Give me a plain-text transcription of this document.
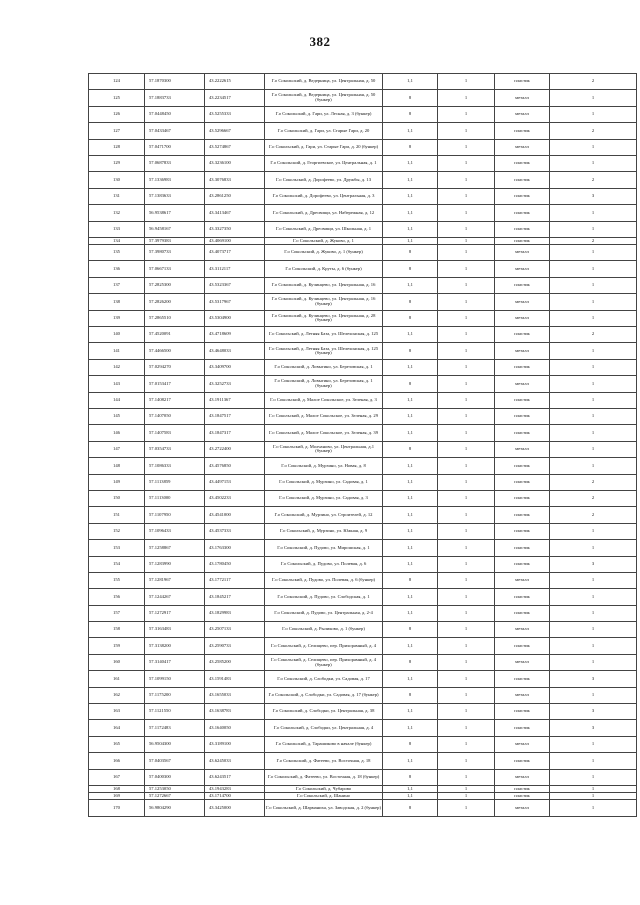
382
124	57.1870300	43.2222615	Г.о Сокольский, д. Ведерница, ул. Центральная, д. 50	1,1	1	пластик	2
125	57.1883733	43.2234517	Г.о Сокольский, д. Ведерница, ул. Центральная, д. 50 (бункер)	8	1	металл	1
126	57.0448450	43.5255333	Г.о Сокольский, д. Гари, ул. Лесная, д. 3 (бункер)	8	1	металл	1
127	57.0433467	43.5296667	Г.о Сокольский, д. Гари, ул. Старые Гари, д. 20	1,1	1	пластик	2
128	57.0471700	43.5274867	Г.о Сокольский, д. Гари, ул. Старые Гари, д. 20 (бункер)	8	1	металл	1
129	57.0687833	43.3236100	Г.о Сокольский, д. Георгиевское, ул. Центральная, д. 1	1,1	1	пластик	1
130	57.1336983	43.3076833	Г.о Сокольский, д. Дорофеево, ул. Дружбы, д. 13	1,1	1	пластик	2
131	57.1383633	43.2861250	Г.о Сокольский, д. Дорофеево, ул. Центральная, д. 3	1,1	1	пластик	3
132	56.9538617	43.3413467	Г.о Сокольский, д. Дресвищи, ул. Набережная, д. 12	1,1	1	пластик	1
133	56.9458167	43.3327350	Г.о Сокольский, д. Дресвищи, ул. Школьная, д. 1	1,1	1	пластик	1
134	57.3979383	43.4069100	Г.о Сокольский, д. Жуково, д. 1	1,1	1	пластик	2
135	57.3980733	43.4073717	Г.о Сокольский, д. Жуково, д. 1 (бункер)	8	1	металл	1
136	57.0667133	43.3112117	Г.о Сокольский, д. Круты, д. 6 (бункер)	8	1	металл	1
137	57.2825300	43.5323367	Г.о Сокольский, д. Кучинцево, ул. Центральная, д. 16	1,1	1	пластик	1
138	57.2826200	43.5317967	Г.о Сокольский, д. Кучинцево, ул. Центральная, д. 16 (бункер)	8	1	металл	1
139	57.2865510	43.5304900	Г.о Сокольский, д. Кучинцево, ул. Центральная, д. 28 (бункер)	8	1	металл	1
140	57.4520091	43.4718609	Г.о Сокольский, д. Летняя База, ул. Шелехонская, д. 125	1,1	1	пластик	2
141	57.4466500	43.4648033	Г.о Сокольский, д. Летняя База, ул. Шелехонская, д. 125 (бункер)	8	1	металл	1
142	57.0294270	43.3409700	Г.о Сокольский, д. Ловыгино, ул. Березовская, д. 1	1,1	1	пластик	1
143	57.0153417	43.3252733	Г.о Сокольский, д. Ловыгино, ул. Березовская, д. 1 (бункер)	8	1	металл	1
144	57.1408217	43.1911367	Г.о Сокольский, д. Малое Сокольское, ул. Зеленая, д. 3	1,1	1	пластик	1
145	57.1407050	43.1847517	Г.о Сокольский, д. Малое Сокольское, ул. Зеленая, д. 29	1,1	1	пластик	1
146	57.1407583	43.1847317	Г.о Сокольский, д. Малое Сокольское, ул. Зеленая, д. 39	1,1	1	пластик	1
147	57.0354733	43.2722400	Г.о Сокольский, д. Молчаново, ул. Центральная, д.1 (бункер)	8	1	металл	1
148	57.1086333	43.4576850	Г.о Сокольский, д. Мурзино, ул. Новая, д. 8	1,1	1	пластик	1
149	57.1113859	43.4497153	Г.о Сокольский, д. Мурзино, ул. Садовая, д. 1	1,1	1	пластик	2
150	57.1113000	43.4502233	Г.о Сокольский, д. Мурзино, ул. Садовая, д. 3	1,1	1	пластик	2
151	57.1107950	43.4541000	Г.о Сокольский, д. Мурзино, ул. Строителей, д. 12	1,1	1	пластик	2
152	57.1096433	43.4537333	Г.о Сокольский, д. Мурзино, ул. Южная, д. 9	1,1	1	пластик	1
153	57.1258867	43.1763300	Г.о Сокольский, д. Пудово, ул. Мирошская, д. 1	1,1	1	пластик	1
154	57.1283990	43.1780450	Г.о Сокольский, д. Пудово, ул. Полевая, д. 6	1,1	1	пластик	3
155	57.1281967	43.1772117	Г.о Сокольский, д. Пудово, ул. Полевая, д. 6 (бункер)	8	1	металл	1
156	57.1244267	43.1845217	Г.о Сокольский, д. Пудово, ул. Слободская, д. 1	1,1	1	пластик	1
157	57.1272917	43.1829983	Г.о Сокольский, д. Пудово, ул. Центральная, д. 2-4	1,1	1	пластик	1
158	57.3163483	43.2507133	Г.о Сокольский, д. Рыликово, д. 1 (бункер)	8	1	металл	1
159	57.3138200	43.2590733	Г.о Сокольский, д. Селищево, пер. Прихорамный, д. 4	1,1	1	пластик	1
160	57.3140417	43.2585200	Г.о Сокольский, д. Селищево, пер. Прихорамный, д. 4 (бункер)	8	1	металл	1
161	57.1099150	43.1591483	Г.о Сокольский, д. Слободки, ул. Садовая, д. 17	1,1	1	пластик	3
162	57.1175200	43.1655033	Г.о Сокольский, д. Слободки, ул. Садовая, д. 17 (бункер)	8	1	металл	1
163	57.1121550	43.1638783	Г.о Сокольский, д. Слободки, ул. Центральная, д. 38	1,1	1	пластик	3
164	57.1172483	43.1640050	Г.о Сокольский, д. Слободки, ул. Центральная, д. 4	1,1	1	пластик	3
165	56.9504300	43.3189100	Г.о Сокольский, д. Тарашиково в начале (бункер)	8	1	металл	1
166	57.0403567	43.6245033	Г.о Сокольский, д. Фатеево, ул. Восточная, д. 18	1,1	1	пластик	1
167	57.0400300	43.6243517	Г.о Сокольский, д. Фатеево, ул. Восточная, д. 18 (бункер)	8	1	металл	1
168	57.1253050	43.1943283	Г.о Сокольский, д. Чубарово	1,1	1	пластик	1
169	57.1272667	43.1714700	Г.о Сокольский, д. Шанино	1,1	1	пластик	1
170	56.9804290	43.3425000	Г.о Сокольский, д. Шарманиха, ул. Заводская, д. 2 (бункер)	8	1	металл	1
